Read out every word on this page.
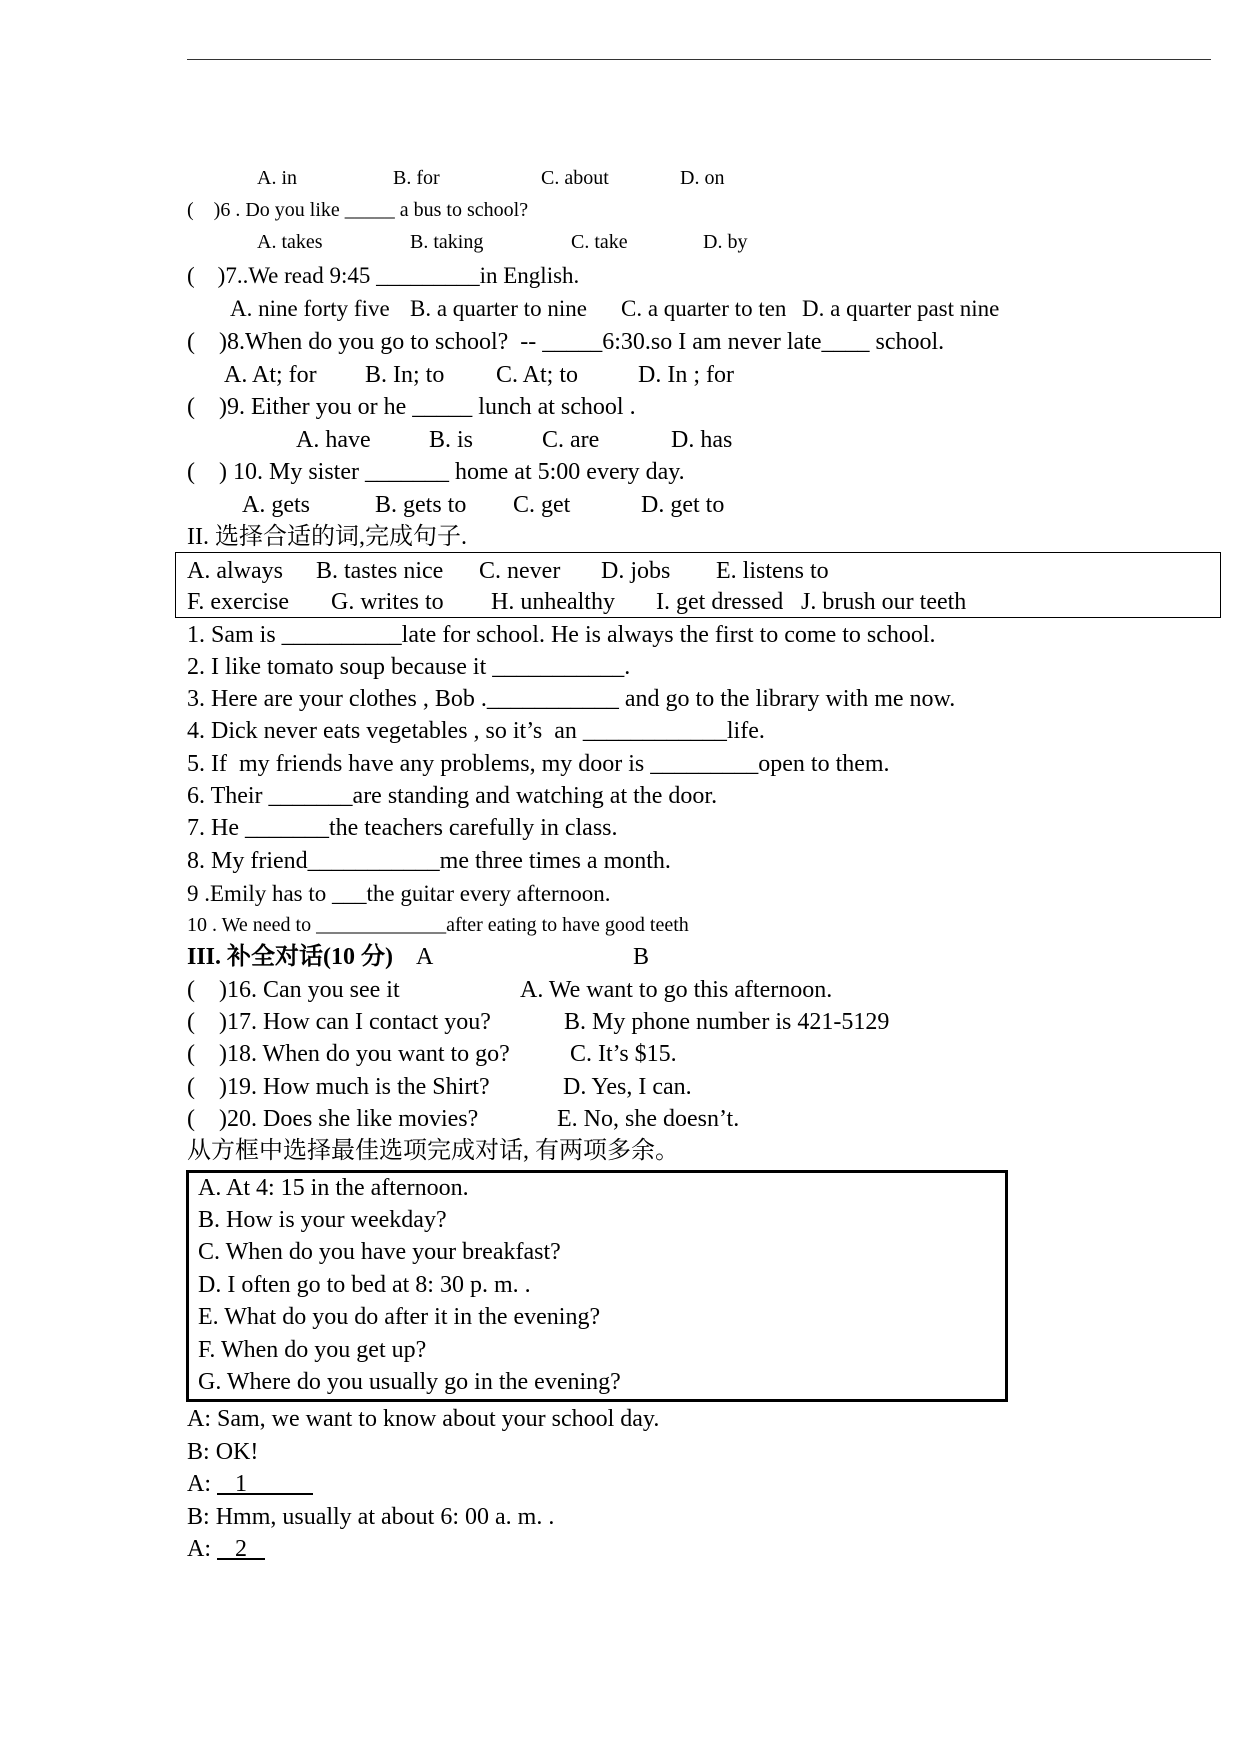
A. in	B. for	C. about	D. on
(    )6 . Do you like _____ a bus to school?
A. takes	B. taking	C. take	D. by
(    )7..We read 9:45 _________in English.
A. nine forty five B. a quarter to nine C. a quarter to ten D. a quarter past nine
(    )8.When do you go to school?  -- _____6:30.so I am never late____ school.
A. At; for B. In; to C. At; to D. In ; for
(    )9. Either you or he _____ lunch at school .
A. have B. is	C. are	D. has
(    ) 10. My sister _______ home at 5:00 every day.
A. gets	B. gets to C. get	D. get to
II. 选择合适的词,完成句子.
A. always B. tastes nice C. never D. jobs E. listens to
F. exercise G. writes to H. unhealthy I. get dressed J. brush our teeth
1. Sam is __________late for school. He is always the first to come to school.
2. I like tomato soup because it ___________.
3. Here are your clothes , Bob .___________ and go to the library with me now.
4. Dick never eats vegetables , so it’s  an ____________life.
5. If  my friends have any problems, my door is _________open to them.
6. Their _______are standing and watching at the door.
7. He _______the teachers carefully in class.
8. My friend___________me three times a month.
9 .Emily has to ___the guitar every afternoon.
10 . We need to _____________after eating to have good teeth
III. 补全对话(10 分) A	B
(    )16. Can you see it	A. We want to go this afternoon.
(    )17. How can I contact you?	B. My phone number is 421-5129
(    )18. When do you want to go?	C. It’s $15.
(    )19. How much is the Shirt?	D. Yes, I can.
(    )20. Does she like movies?	E. No, she doesn’t.
从方框中选择最佳选项完成对话, 有两项多余。
A. At 4: 15 in the afternoon.
B. How is your weekday?
C. When do you have your breakfast?
D. I often go to bed at 8: 30 p. m. .
E. What do you do after it in the evening?
F. When do you get up?
G. Where do you usually go in the evening?
A: Sam, we want to know about your school day.
B: OK!
A:    1
B: Hmm, usually at about 6: 00 a. m. .
A:    2
